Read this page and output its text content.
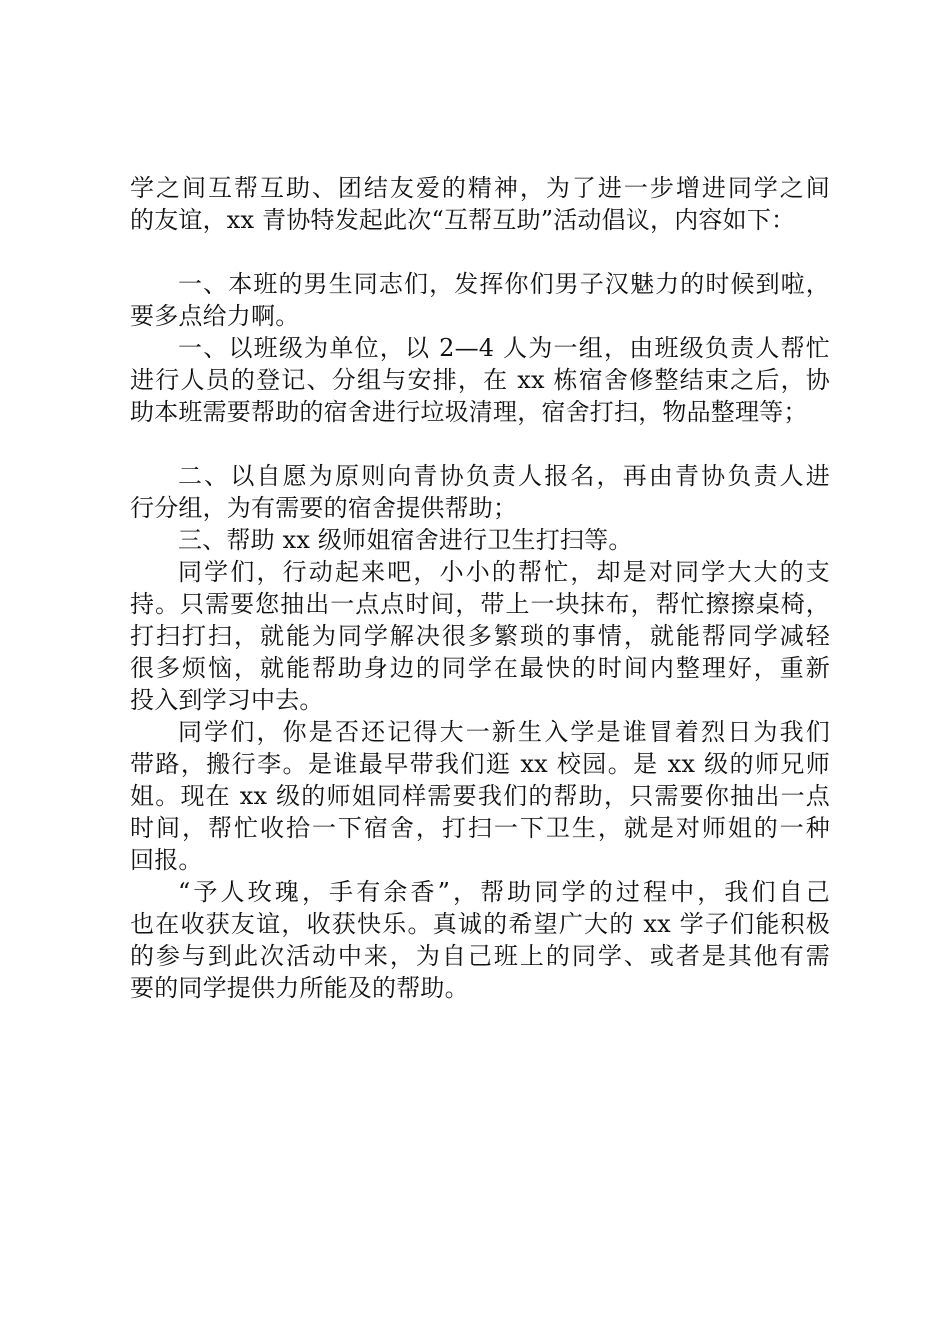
学之间互帮互助、团结友爱的精神，为了进一步增进同学之间
的友谊，xx 青协特发起此次“互帮互助”活动倡议，内容如下：
一、本班的男生同志们，发挥你们男子汉魅力的时候到啦，
要多点给力啊。
一、以班级为单位，以 2—4 人为一组，由班级负责人帮忙
进行人员的登记、分组与安排，在 xx 栋宿舍修整结束之后，协
助本班需要帮助的宿舍进行垃圾清理，宿舍打扫，物品整理等；
二、以自愿为原则向青协负责人报名，再由青协负责人进
行分组，为有需要的宿舍提供帮助；
三、帮助 xx 级师姐宿舍进行卫生打扫等。
同学们，行动起来吧，小小的帮忙，却是对同学大大的支
持。只需要您抽出一点点时间，带上一块抹布，帮忙擦擦桌椅，
打扫打扫，就能为同学解决很多繁琐的事情，就能帮同学减轻
很多烦恼，就能帮助身边的同学在最快的时间内整理好，重新
投入到学习中去。
同学们，你是否还记得大一新生入学是谁冒着烈日为我们
带路，搬行李。是谁最早带我们逛 xx 校园。是 xx 级的师兄师
姐。现在 xx 级的师姐同样需要我们的帮助，只需要你抽出一点
时间，帮忙收拾一下宿舍，打扫一下卫生，就是对师姐的一种
回报。
“予人玫瑰，手有余香”，帮助同学的过程中，我们自己
也在收获友谊，收获快乐。真诚的希望广大的 xx 学子们能积极
的参与到此次活动中来，为自己班上的同学、或者是其他有需
要的同学提供力所能及的帮助。
